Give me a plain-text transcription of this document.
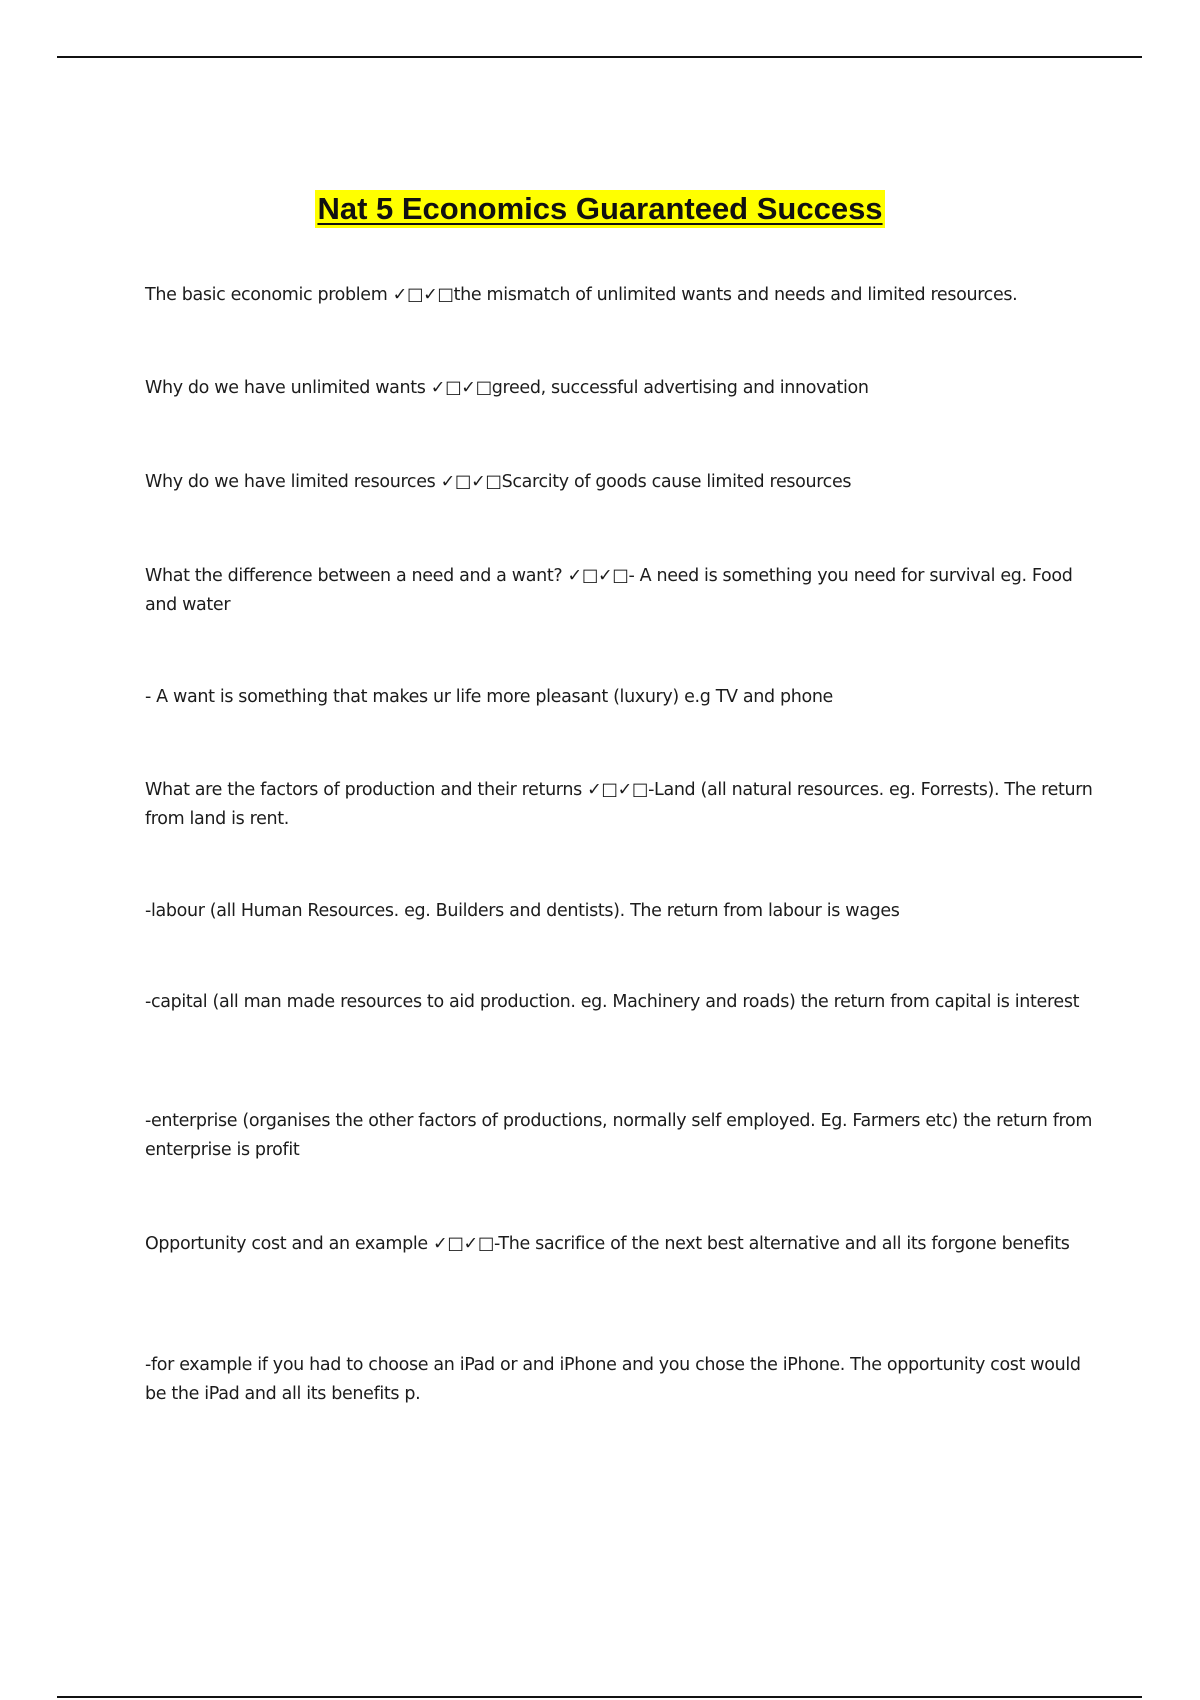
Nat 5 Economics Guaranteed Success

The basic economic problem ✓□✓□the mismatch of unlimited wants and needs and limited resources.

Why do we have unlimited wants ✓□✓□greed, successful advertising and innovation

Why do we have limited resources ✓□✓□Scarcity of goods cause limited resources

What the difference between a need and a want? ✓□✓□- A need is something you need for survival eg. Food and water

- A want is something that makes ur life more pleasant (luxury) e.g TV and phone

What are the factors of production and their returns ✓□✓□-Land (all natural resources. eg. Forrests). The return from land is rent.

-labour (all Human Resources. eg. Builders and dentists). The return from labour is wages

-capital (all man made resources to aid production. eg. Machinery and roads) the return from capital is interest

-enterprise (organises the other factors of productions, normally self employed. Eg. Farmers etc) the return from enterprise is profit

Opportunity cost and an example ✓□✓□-The sacrifice of the next best alternative and all its forgone benefits

-for example if you had to choose an iPad or and iPhone and you chose the iPhone. The opportunity cost would be the iPad and all its benefits p.
